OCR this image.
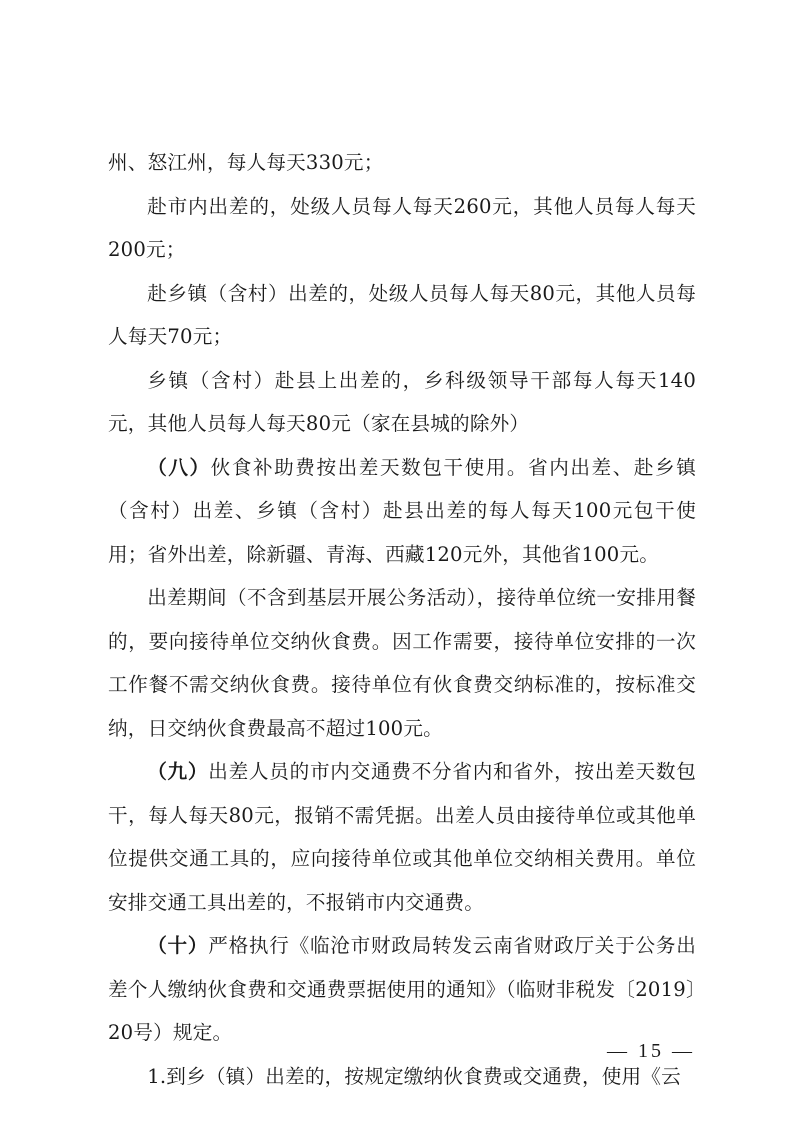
州、怒江州，每人每天330元；

赴市内出差的，处级人员每人每天260元，其他人员每人每天200元；

赴乡镇（含村）出差的，处级人员每人每天80元，其他人员每人每天70元；

乡镇（含村）赴县上出差的，乡科级领导干部每人每天140元，其他人员每人每天80元（家在县城的除外）

（八）伙食补助费按出差天数包干使用。省内出差、赴乡镇（含村）出差、乡镇（含村）赴县出差的每人每天100元包干使用；省外出差，除新疆、青海、西藏120元外，其他省100元。

出差期间（不含到基层开展公务活动），接待单位统一安排用餐的，要向接待单位交纳伙食费。因工作需要，接待单位安排的一次工作餐不需交纳伙食费。接待单位有伙食费交纳标准的，按标准交纳，日交纳伙食费最高不超过100元。

（九）出差人员的市内交通费不分省内和省外，按出差天数包干，每人每天80元，报销不需凭据。出差人员由接待单位或其他单位提供交通工具的，应向接待单位或其他单位交纳相关费用。单位安排交通工具出差的，不报销市内交通费。

（十）严格执行《临沧市财政局转发云南省财政厅关于公务出差个人缴纳伙食费和交通费票据使用的通知》（临财非税发〔2019〕20号）规定。

1.到乡（镇）出差的，按规定缴纳伙食费或交通费，使用《云

— 15 —
